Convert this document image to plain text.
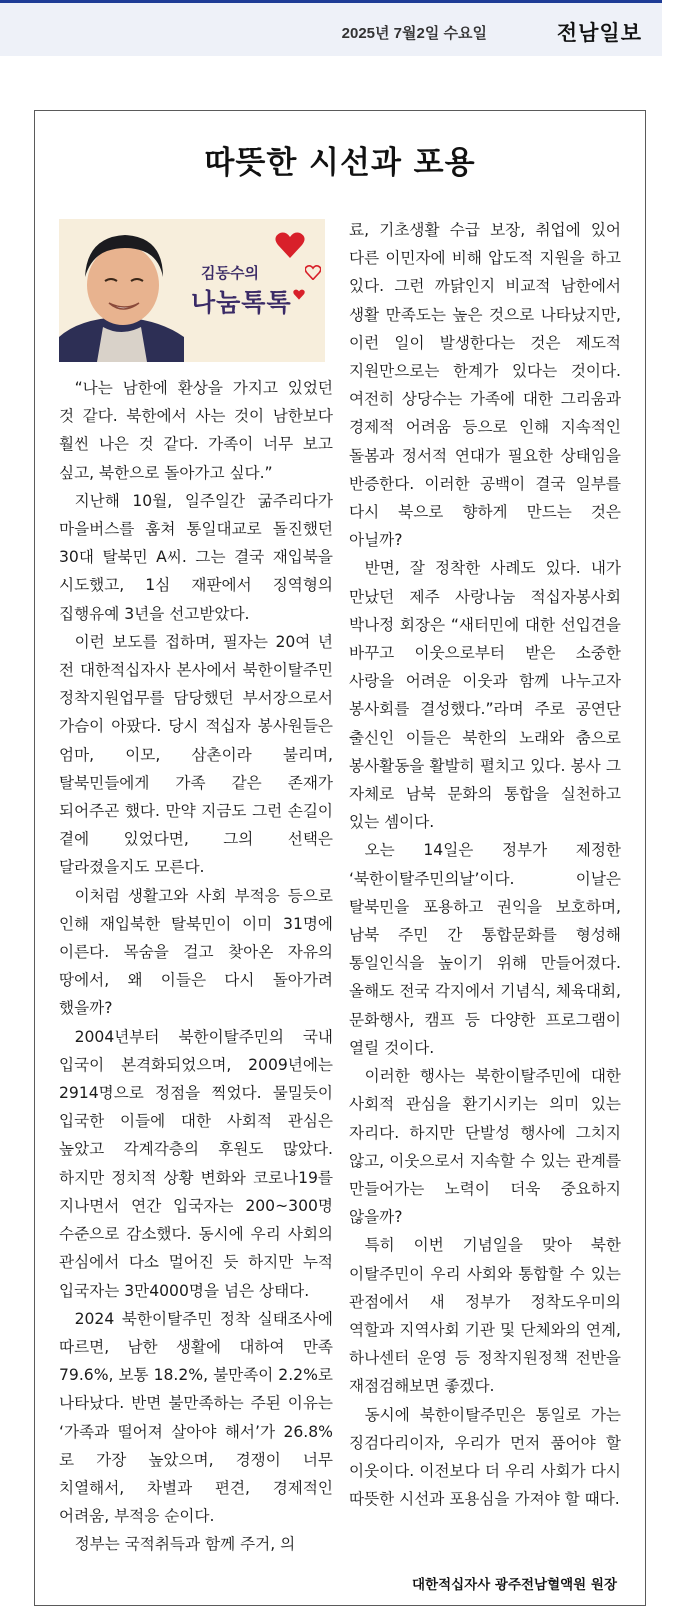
2025년 7월2일 수요일	전남일보
따뜻한 시선과 포용
김동수의
나눔톡톡

“나는 남한에 환상을 가지고 있었던 것 같다. 북한에서 사는 것이 남한보다 훨씬 나은 것 같다. 가족이 너무 보고 싶고, 북한으로 돌아가고 싶다.”

지난해 10월, 일주일간 굶주리다가 마을버스를 훔쳐 통일대교로 돌진했던 30대 탈북민 A씨. 그는 결국 재입북을 시도했고, 1심 재판에서 징역형의 집행유예 3년을 선고받았다.

이런 보도를 접하며, 필자는 20여 년 전 대한적십자사 본사에서 북한이탈주민 정착지원업무를 담당했던 부서장으로서 가슴이 아팠다. 당시 적십자 봉사원들은 엄마, 이모, 삼촌이라 불리며, 탈북민들에게 가족 같은 존재가 되어주곤 했다. 만약 지금도 그런 손길이 곁에 있었다면, 그의 선택은 달라졌을지도 모른다.

이처럼 생활고와 사회 부적응 등으로 인해 재입북한 탈북민이 이미 31명에 이른다. 목숨을 걸고 찾아온 자유의 땅에서, 왜 이들은 다시 돌아가려 했을까?

2004년부터 북한이탈주민의 국내 입국이 본격화되었으며, 2009년에는 2914명으로 정점을 찍었다. 물밀듯이 입국한 이들에 대한 사회적 관심은 높았고 각계각층의 후원도 많았다. 하지만 정치적 상황 변화와 코로나19를 지나면서 연간 입국자는 200~300명 수준으로 감소했다. 동시에 우리 사회의 관심에서 다소 멀어진 듯 하지만 누적 입국자는 3만4000명을 넘은 상태다.

2024 북한이탈주민 정착 실태조사에 따르면, 남한 생활에 대하여 만족 79.6%, 보통 18.2%, 불만족이 2.2%로 나타났다. 반면 불만족하는 주된 이유는 ‘가족과 떨어져 살아야 해서’가 26.8%로 가장 높았으며, 경쟁이 너무 치열해서, 차별과 편견, 경제적인 어려움, 부적응 순이다.

정부는 국적취득과 함께 주거, 의

료, 기초생활 수급 보장, 취업에 있어 다른 이민자에 비해 압도적 지원을 하고 있다. 그런 까닭인지 비교적 남한에서 생활 만족도는 높은 것으로 나타났지만, 이런 일이 발생한다는 것은 제도적 지원만으로는 한계가 있다는 것이다. 여전히 상당수는 가족에 대한 그리움과 경제적 어려움 등으로 인해 지속적인 돌봄과 정서적 연대가 필요한 상태임을 반증한다. 이러한 공백이 결국 일부를 다시 북으로 향하게 만드는 것은 아닐까?

반면, 잘 정착한 사례도 있다. 내가 만났던 제주 사랑나눔 적십자봉사회 박나정 회장은 “새터민에 대한 선입견을 바꾸고 이웃으로부터 받은 소중한 사랑을 어려운 이웃과 함께 나누고자 봉사회를 결성했다.”라며 주로 공연단 출신인 이들은 북한의 노래와 춤으로 봉사활동을 활발히 펼치고 있다. 봉사 그 자체로 남북 문화의 통합을 실천하고 있는 셈이다.

오는 14일은 정부가 제정한 ‘북한이탈주민의날’이다. 이날은 탈북민을 포용하고 권익을 보호하며, 남북 주민 간 통합문화를 형성해 통일인식을 높이기 위해 만들어졌다. 올해도 전국 각지에서 기념식, 체육대회, 문화행사, 캠프 등 다양한 프로그램이 열릴 것이다.

이러한 행사는 북한이탈주민에 대한 사회적 관심을 환기시키는 의미 있는 자리다. 하지만 단발성 행사에 그치지 않고, 이웃으로서 지속할 수 있는 관계를 만들어가는 노력이 더욱 중요하지 않을까?

특히 이번 기념일을 맞아 북한 이탈주민이 우리 사회와 통합할 수 있는 관점에서 새 정부가 정착도우미의 역할과 지역사회 기관 및 단체와의 연계, 하나센터 운영 등 정착지원정책 전반을 재점검해보면 좋겠다.

동시에 북한이탈주민은 통일로 가는 징검다리이자, 우리가 먼저 품어야 할 이웃이다. 이전보다 더 우리 사회가 다시 따뜻한 시선과 포용심을 가져야 할 때다.

대한적십자사 광주전남혈액원 원장
